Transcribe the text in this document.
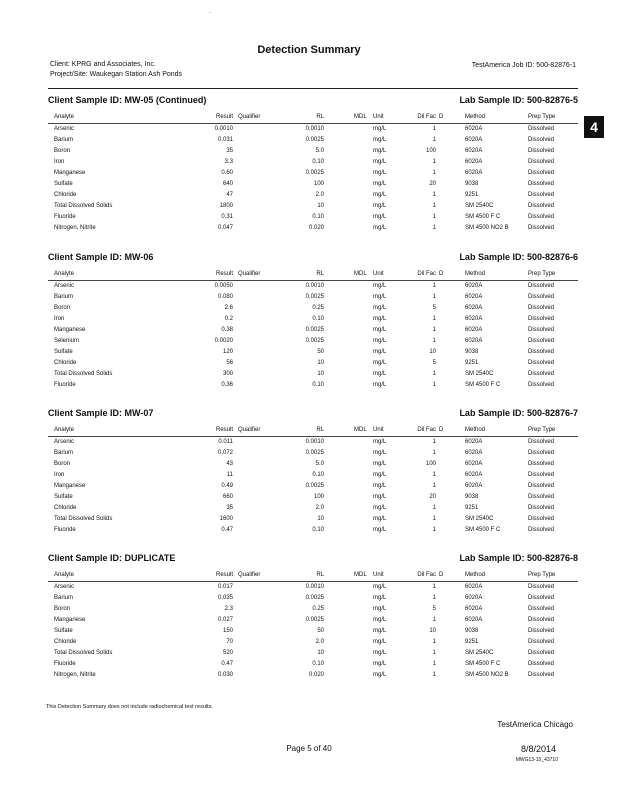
·
Detection Summary
Client: KPRG and Associates, Inc.
Project/Site: Waukegan Station Ash Ponds
TestAmerica Job ID: 500-82876-1
4
Client Sample ID: MW-05 (Continued)	Lab Sample ID: 500-82876-5
Analyte	Result Qualifier	RL	MDL Unit	Dil Fac D	Method	Prep Type
Arsenic	0.0010	0.0010	mg/L	1	6020A	Dissolved
Barium	0.031	0.0025	mg/L	1	6020A	Dissolved
Boron	35	5.0	mg/L	100	6020A	Dissolved
Iron	3.3	0.10	mg/L	1	6020A	Dissolved
Manganese	0.60	0.0025	mg/L	1	6020A	Dissolved
Sulfate	640	100	mg/L	20	9038	Dissolved
Chloride	47	2.0	mg/L	1	9251	Dissolved
Total Dissolved Solids	1800	10	mg/L	1	SM 2540C	Dissolved
Fluoride	0.31	0.10	mg/L	1	SM 4500 F C	Dissolved
Nitrogen, Nitrite	0.047	0.020	mg/L	1	SM 4500 NO2 B	Dissolved
Client Sample ID: MW-06	Lab Sample ID: 500-82876-6
Analyte	Result Qualifier	RL	MDL Unit	Dil Fac D	Method	Prep Type
Arsenic	0.0050	0.0010	mg/L	1	6020A	Dissolved
Barium	0.080	0.0025	mg/L	1	6020A	Dissolved
Boron	2.6	0.25	mg/L	5	6020A	Dissolved
Iron	0.2	0.10	mg/L	1	6020A	Dissolved
Manganese	0.38	0.0025	mg/L	1	6020A	Dissolved
Selenium	0.0020	0.0025	mg/L	1	6020A	Dissolved
Sulfate	120	50	mg/L	10	9038	Dissolved
Chloride	56	10	mg/L	5	9251	Dissolved
Total Dissolved Solids	300	10	mg/L	1	SM 2540C	Dissolved
Fluoride	0.36	0.10	mg/L	1	SM 4500 F C	Dissolved
Client Sample ID: MW-07	Lab Sample ID: 500-82876-7
Analyte	Result Qualifier	RL	MDL Unit	Dil Fac D	Method	Prep Type
Arsenic	0.011	0.0010	mg/L	1	6020A	Dissolved
Barium	0.072	0.0025	mg/L	1	6020A	Dissolved
Boron	43	5.0	mg/L	100	6020A	Dissolved
Iron	11	0.10	mg/L	1	6020A	Dissolved
Manganese	0.49	0.0025	mg/L	1	6020A	Dissolved
Sulfate	660	100	mg/L	20	9038	Dissolved
Chloride	35	2.0	mg/L	1	9251	Dissolved
Total Dissolved Solids	1600	10	mg/L	1	SM 2540C	Dissolved
Fluoride	0.47	0.10	mg/L	1	SM 4500 F C	Dissolved
Client Sample ID: DUPLICATE	Lab Sample ID: 500-82876-8
Analyte	Result Qualifier	RL	MDL Unit	Dil Fac D	Method	Prep Type
Arsenic	0.017	0.0010	mg/L	1	6020A	Dissolved
Barium	0.035	0.0025	mg/L	1	6020A	Dissolved
Boron	2.3	0.25	mg/L	5	6020A	Dissolved
Manganese	0.027	0.0025	mg/L	1	6020A	Dissolved
Sulfate	150	50	mg/L	10	9038	Dissolved
Chloride	70	2.0	mg/L	1	9251	Dissolved
Total Dissolved Solids	520	10	mg/L	1	SM 2540C	Dissolved
Fluoride	0.47	0.10	mg/L	1	SM 4500 F C	Dissolved
Nitrogen, Nitrite	0.030	0.020	mg/L	1	SM 4500 NO2 B	Dissolved
This Detection Summary does not include radiochemical test results.
TestAmerica Chicago
Page 5 of 40	8/8/2014
MWG13-15_43710
